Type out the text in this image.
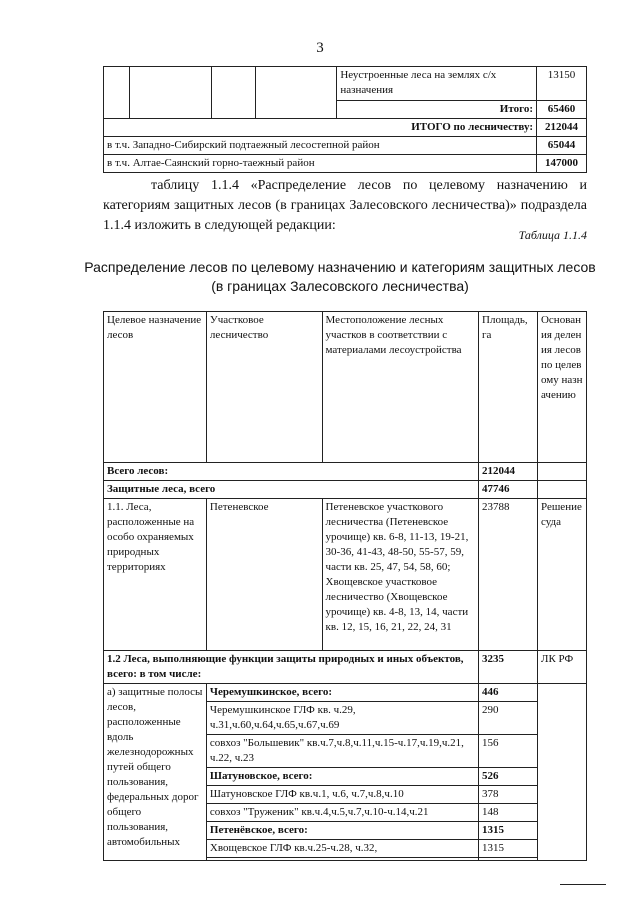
3
				Неустроенные леса на землях с/х назначения	13150
				Итого:	65460
ИТОГО по лесничеству:					212044
в т.ч. Западно-Сибирский подтаежный лесостепной район					65044
в т.ч. Алтае-Саянский горно-таежный район					147000
таблицу 1.1.4 «Распределение лесов по целевому назначению и категориям защитных лесов (в границах Залесовского лесничества)» подраздела 1.1.4 изложить в следующей редакции:
Таблица 1.1.4
Распределение лесов по целевому назначению и категориям защитных лесов
(в границах Залесовского лесничества)
Целевое назначение лесов	Участковое лесничество	Местоположение лесных участков в соответствии с материалами лесоустройства	Площадь, га	Основания деления лесов по целевому назначению
Всего лесов:			212044	
Защитные леса, всего			47746	
1.1. Леса, расположенные на особо охраняемых природных территориях	Петеневское	Петеневское участкового лесничества (Петеневское урочище) кв. 6-8, 11-13, 19-21, 30-36, 41-43, 48-50, 55-57, 59, части кв. 25, 47, 54, 58, 60; Хвощевское участковое лесничество (Хвощевское урочище) кв. 4-8, 13, 14, части кв. 12, 15, 16, 21, 22, 24, 31	23788	Решение суда
1.2 Леса, выполняющие функции защиты природных и иных объектов, всего: в том числе:			3235	ЛК РФ
а) защитные полосы лесов, расположенные вдоль железнодорожных путей общего пользования, федеральных дорог общего пользования, автомобильных	Черемушкинское, всего:		446	
	Черемушкинское ГЛФ кв. ч.29, ч.31,ч.60,ч.64,ч.65,ч.67,ч.69		290	
	совхоз "Большевик" кв.ч.7,ч.8,ч.11,ч.15-ч.17,ч.19,ч.21, ч.22, ч.23		156	
	Шатуновское, всего:		526	
	Шатуновское ГЛФ кв.ч.1, ч.6, ч.7,ч.8,ч.10		378	
	совхоз "Труженик" кв.ч.4,ч.5,ч.7,ч.10-ч.14,ч.21		148	
	Петенёвское, всего:		1315	
	Хвощевское ГЛФ кв.ч.25-ч.28, ч.32,		1315	
